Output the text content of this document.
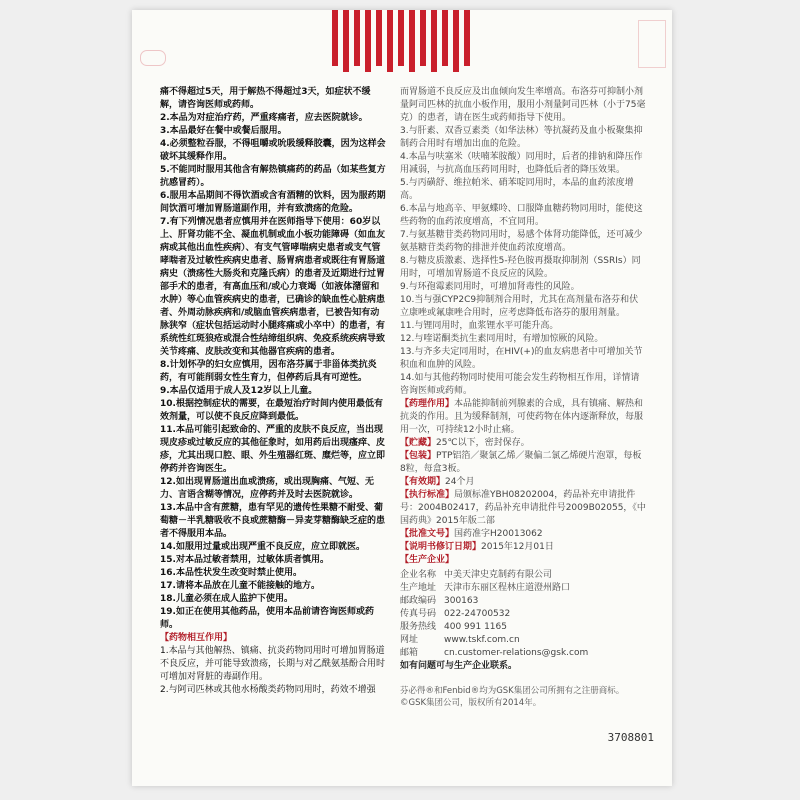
痛不得超过5天，用于解热不得超过3天，如症状不缓解，请咨询医师或药师。

2.本品为对症治疗药，严重疼痛者，应去医院就诊。

3.本品最好在餐中或餐后服用。

4.必须整粒吞服，不得咀嚼或吮吸缓释胶囊，因为这样会破坏其缓释作用。

5.不能同时服用其他含有解热镇痛药的药品（如某些复方抗感冒药）。

6.服用本品期间不得饮酒或含有酒精的饮料，因为服药期间饮酒可增加胃肠道副作用，并有致溃疡的危险。

7.有下列情况患者应慎用并在医师指导下使用：60岁以上、肝肾功能不全、凝血机制或血小板功能障碍（如血友病或其他出血性疾病）、有支气管哮喘病史患者或支气管哮喘者及过敏性疾病史患者、肠胃病患者或既往有胃肠道病史（溃疡性大肠炎和克隆氏病）的患者及近期进行过胃部手术的患者，有高血压和/或心力衰竭（如液体潴留和水肿）等心血管疾病史的患者，已确诊的缺血性心脏病患者、外周动脉疾病和/或脑血管疾病患者，已被告知有动脉狭窄（症状包括运动时小腿疼痛或小卒中）的患者，有系统性红斑狼疮或混合性结缔组织病、免疫系统疾病导致关节疼痛、皮肤改变和其他器官疾病的患者。

8.计划怀孕的妇女应慎用，因布洛芬属于非甾体类抗炎药，有可能削弱女性生育力，但停药后具有可逆性。

9.本品仅适用于成人及12岁以上儿童。

10.根据控制症状的需要，在最短治疗时间内使用最低有效剂量，可以使不良反应降到最低。

11.本品可能引起致命的、严重的皮肤不良反应，当出现现皮疹或过敏反应的其他征象时，如用药后出现瘙痒、皮疹，尤其出现口腔、眼、外生殖器红斑、糜烂等，应立即停药并咨询医生。

12.如出现胃肠道出血或溃疡，或出现胸痛、气短、无力、言语含糊等情况，应停药并及时去医院就诊。

13.本品中含有蔗糖，患有罕见的遗传性果糖不耐受、葡萄糖－半乳糖吸收不良或蔗糖酶－异麦芽糖酶缺乏症的患者不得服用本品。

14.如服用过量或出现严重不良反应，应立即就医。

15.对本品过敏者禁用，过敏体质者慎用。

16.本品性状发生改变时禁止使用。

17.请将本品放在儿童不能接触的地方。

18.儿童必须在成人监护下使用。

19.如正在使用其他药品，使用本品前请咨询医师或药师。

【药物相互作用】

1.本品与其他解热、镇痛、抗炎药物同用时可增加胃肠道不良反应，并可能导致溃疡，长期与对乙酰氨基酚合用时可增加对肾脏的毒副作用。

2.与阿司匹林或其他水杨酸类药物同用时，药效不增强

而胃肠道不良反应及出血倾向发生率增高。布洛芬可抑制小剂量阿司匹林的抗血小板作用，服用小剂量阿司匹林（小于75毫克）的患者，请在医生或药师指导下使用。

3.与肝素、双香豆素类（如华法林）等抗凝药及血小板聚集抑制药合用时有增加出血的危险。

4.本品与呋塞米（呋喃苯胺酸）同用时，后者的排钠和降压作用减弱，与抗高血压药同用时，也降低后者的降压效果。

5.与丙磺舒、维拉帕米、硝苯啶同用时，本品的血药浓度增高。

6.本品与地高辛、甲氨蝶呤、口服降血糖药物同用时，能使这些药物的血药浓度增高，不宜同用。

7.与氨基糖苷类药物同用时，易感个体肾功能降低，还可减少氨基糖苷类药物的排泄并使血药浓度增高。

8.与糖皮质激素、选择性5-羟色胺再摄取抑制剂（SSRIs）同用时，可增加胃肠道不良反应的风险。

9.与环孢霉素同用时，可增加肾毒性的风险。

10.当与强CYP2C9抑制剂合用时，尤其在高剂量布洛芬和伏立康唑或氟康唑合用时，应考虑降低布洛芬的服用剂量。

11.与锂同用时，血浆锂水平可能升高。

12.与喹诺酮类抗生素同用时，有增加惊厥的风险。

13.与齐多夫定同用时，在HIV(+)的血友病患者中可增加关节积血和血肿的风险。

14.如与其他药物同时使用可能会发生药物相互作用，详情请咨询医师或药师。

【药理作用】本品能抑制前列腺素的合成，具有镇痛、解热和抗炎的作用。且为缓释制剂，可使药物在体内逐渐释放，每服用一次，可持续12小时止痛。

【贮藏】25℃以下，密封保存。

【包装】PTP铝箔／聚氯乙烯／聚偏二氯乙烯硬片泡罩，每板8粒，每盒3板。

【有效期】24个月

【执行标准】局颁标准YBH08202004，药品补充申请批件号：2004B02417，药品补充申请批件号2009B02055，《中国药典》2015年版二部

【批准文号】国药准字H20013062

【说明书修订日期】2015年12月01日

【生产企业】

企业名称 中美天津史克制药有限公司
生产地址 天津市东丽区程林庄道澄州路口
邮政编码 300163
传真号码 022-24700532
服务热线 400 991 1165
网址	www.tskf.com.cn
邮箱	cn.customer-relations@gsk.com

如有问题可与生产企业联系。

芬必得®和Fenbid®均为GSK集团公司所拥有之注册商标。
©GSK集团公司，版权所有2014年。
3708801
